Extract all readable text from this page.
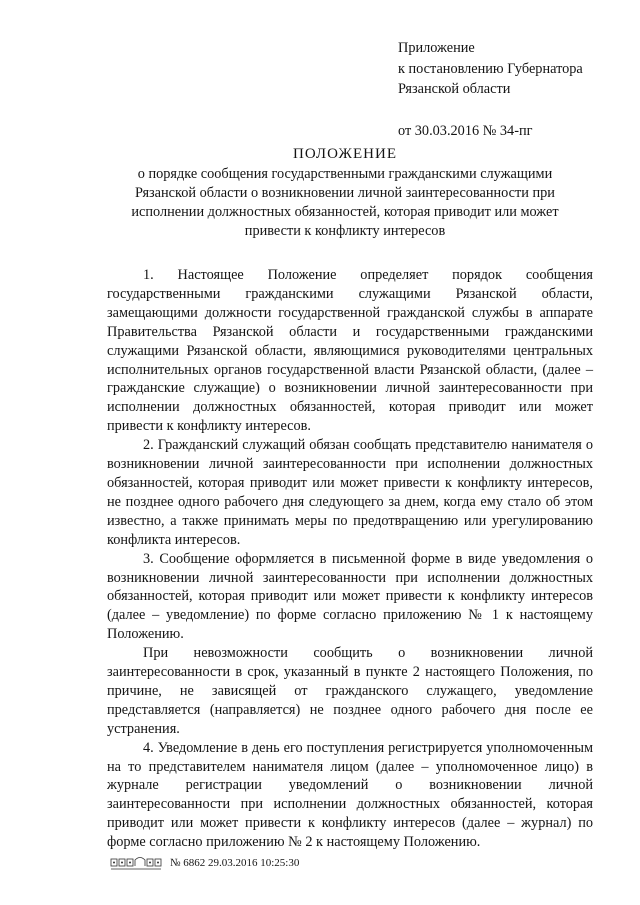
Приложение
к постановлению Губернатора
Рязанской области
от 30.03.2016 № 34-пг
ПОЛОЖЕНИЕ
о порядке сообщения государственными гражданскими служащими
Рязанской области о возникновении личной заинтересованности при
исполнении должностных обязанностей, которая приводит или может
привести к конфликту интересов

1. Настоящее Положение определяет порядок сообщения государственными гражданскими служащими Рязанской области, замещающими должности государственной гражданской службы в аппарате Правительства Рязанской области и государственными гражданскими служащими Рязанской области, являющимися руководителями центральных исполнительных органов государственной власти Рязанской области, (далее – гражданские служащие) о возникновении личной заинтересованности при исполнении должностных обязанностей, которая приводит или может привести к конфликту интересов.

2. Гражданский служащий обязан сообщать представителю нанимателя о возникновении личной заинтересованности при исполнении должностных обязанностей, которая приводит или может привести к конфликту интересов, не позднее одного рабочего дня следующего за днем, когда ему стало об этом известно, а также принимать меры по предотвращению или урегулированию конфликта интересов.

3. Сообщение оформляется в письменной форме в виде уведомления о возникновении личной заинтересованности при исполнении должностных обязанностей, которая приводит или может привести к конфликту интересов (далее – уведомление) по форме согласно приложению № 1 к настоящему Положению.

При невозможности сообщить о возникновении личной заинтересованности в срок, указанный в пункте 2 настоящего Положения, по причине, не зависящей от гражданского служащего, уведомление представляется (направляется) не позднее одного рабочего дня после ее устранения.

4. Уведомление в день его поступления регистрируется уполномоченным на то представителем нанимателя лицом (далее – уполномоченное лицо) в журнале регистрации уведомлений о возникновении личной заинтересованности при исполнении должностных обязанностей, которая приводит или может привести к конфликту интересов (далее – журнал) по форме согласно приложению № 2 к настоящему Положению.

№ 6862 29.03.2016 10:25:30
